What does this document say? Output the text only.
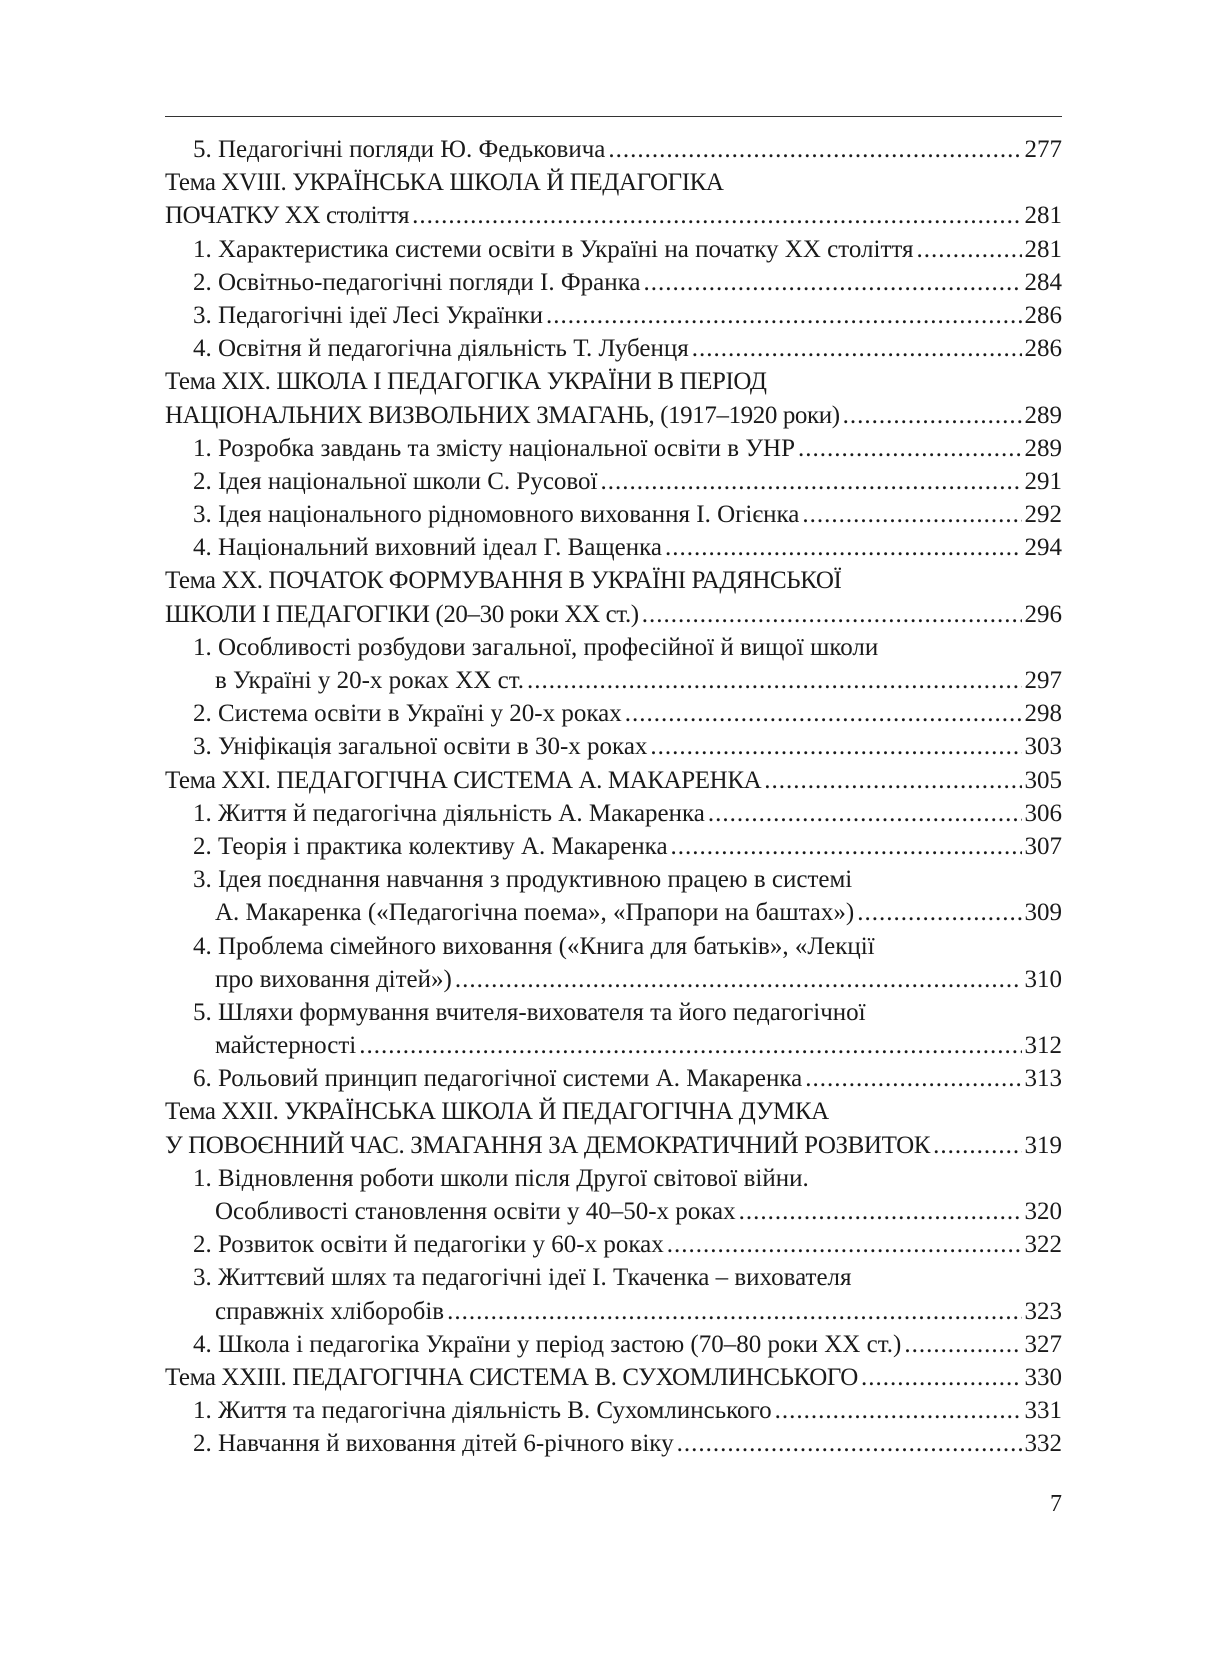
5. Педагогічні погляди Ю. Федьковича .....	277
Тема XVIII. УКРАЇНСЬКА ШКОЛА Й ПЕДАГОГІКА
ПОЧАТКУ XX століття .....	281
1. Характеристика системи освіти в Україні на початку XX століття .....	281
2. Освітньо-педагогічні погляди І. Франка .....	284
3. Педагогічні ідеї Лесі Українки .....	286
4. Освітня й педагогічна діяльність Т. Лубенця .....	286
Тема XIX. ШКОЛА І ПЕДАГОГІКА УКРАЇНИ В ПЕРІОД
НАЦІОНАЛЬНИХ ВИЗВОЛЬНИХ ЗМАГАНЬ, (1917–1920 роки) .....	289
1. Розробка завдань та змісту національної освіти в УНР .....	289
2. Ідея національної школи С. Русової .....	291
3. Ідея національного рідномовного виховання І. Огієнка .....	292
4. Національний виховний ідеал Г. Ващенка .....	294
Тема XX. ПОЧАТОК ФОРМУВАННЯ В УКРАЇНІ РАДЯНСЬКОЇ
ШКОЛИ І ПЕДАГОГІКИ (20–30 роки XX ст.) .....	296
1. Особливості розбудови загальної, професійної й вищої школи
в Україні у 20-х роках XX ст. .....	297
2. Система освіти в Україні у 20-х роках .....	298
3. Уніфікація загальної освіти в 30-х роках .....	303
Тема XXI. ПЕДАГОГІЧНА СИСТЕМА А. МАКАРЕНКА .....	305
1. Життя й педагогічна діяльність А. Макаренка .....	306
2. Теорія і практика колективу А. Макаренка .....	307
3. Ідея поєднання навчання з продуктивною працею в системі
А. Макаренка («Педагогічна поема», «Прапори на баштах») .....	309
4. Проблема сімейного виховання («Книга для батьків», «Лекції
про виховання дітей») .....	310
5. Шляхи формування вчителя-вихователя та його педагогічної
майстерності .....	312
6. Рольовий принцип педагогічної системи А. Макаренка .....	313
Тема XXII. УКРАЇНСЬКА ШКОЛА Й ПЕДАГОГІЧНА ДУМКА
У ПОВОЄННИЙ ЧАС. ЗМАГАННЯ ЗА ДЕМОКРАТИЧНИЙ РОЗВИТОК .....	319
1. Відновлення роботи школи після Другої світової війни.
Особливості становлення освіти у 40–50-х роках .....	320
2. Розвиток освіти й педагогіки у 60-х роках .....	322
3. Життєвий шлях та педагогічні ідеї І. Ткаченка – вихователя
справжніх хліборобів .....	323
4. Школа і педагогіка України у період застою (70–80 роки XX ст.) .....	327
Тема XXIII. ПЕДАГОГІЧНА СИСТЕМА В. СУХОМЛИНСЬКОГО .....	330
1. Життя та педагогічна діяльність В. Сухомлинського .....	331
2. Навчання й виховання дітей 6-річного віку .....	332
7
